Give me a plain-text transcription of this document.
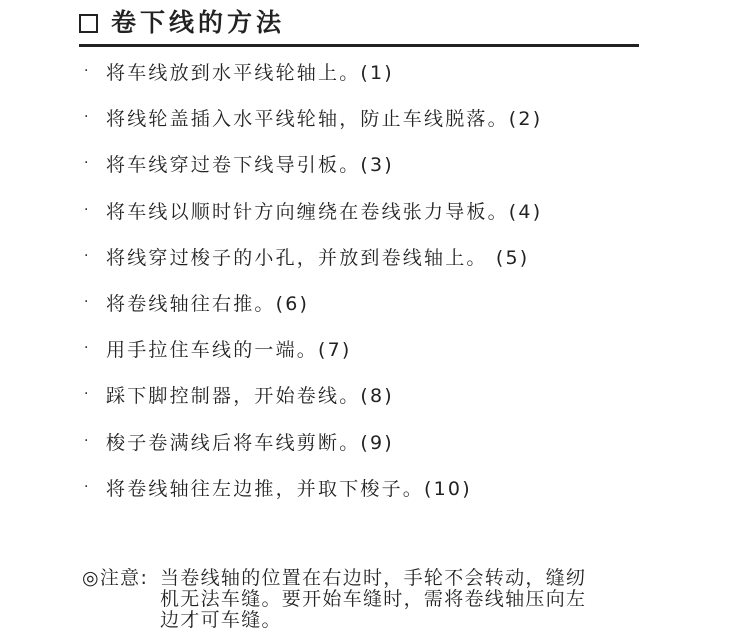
卷下线的方法
· 将车线放到水平线轮轴上。(1)
· 将线轮盖插入水平线轮轴，防止车线脱落。(2)
· 将车线穿过卷下线导引板。(3)
· 将车线以顺时针方向缠绕在卷线张力导板。(4)
· 将线穿过梭子的小孔，并放到卷线轴上。 (5)
· 将卷线轴往右推。(6)
· 用手拉住车线的一端。(7)
· 踩下脚控制器，开始卷线。(8)
· 梭子卷满线后将车线剪断。(9)
· 将卷线轴往左边推，并取下梭子。(10)
◎注意: 当卷线轴的位置在右边时，手轮不会转动，缝纫
机无法车缝。要开始车缝时，需将卷线轴压向左
边才可车缝。
